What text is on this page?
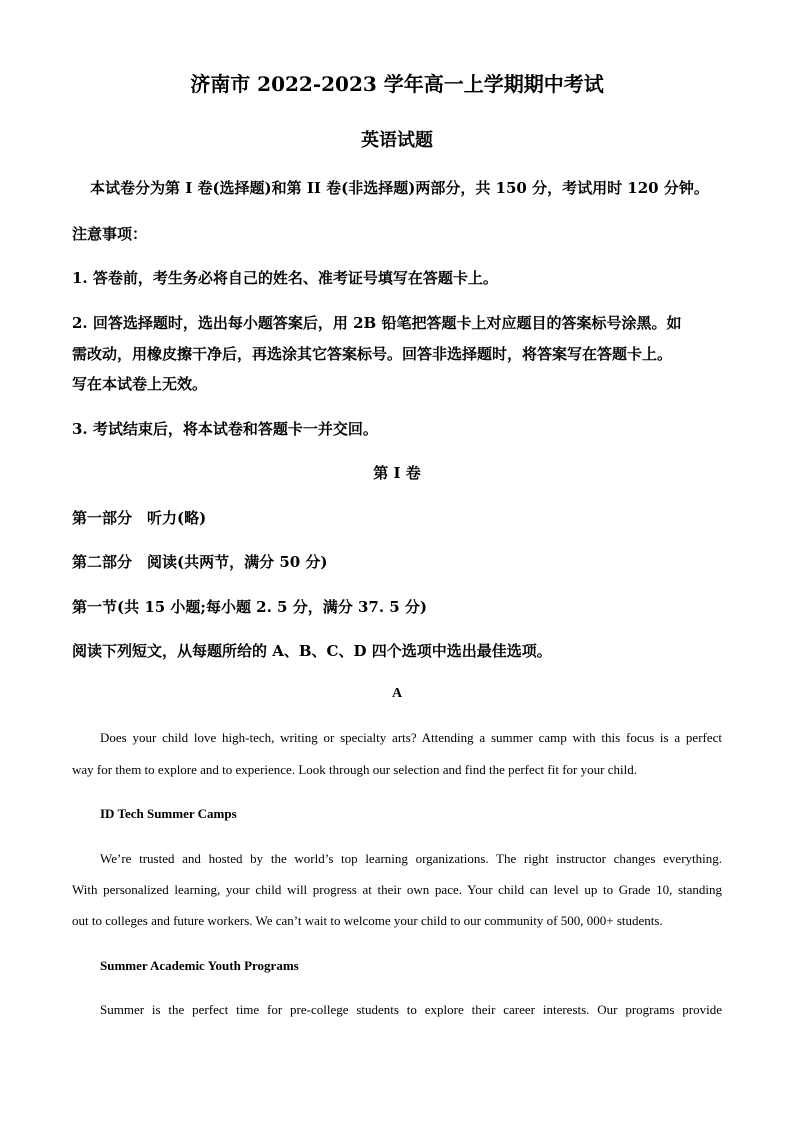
济南市 2022-2023 学年高一上学期期中考试
英语试题
本试卷分为第 I 卷(选择题)和第 II 卷(非选择题)两部分，共 150 分，考试用时 120 分钟。
注意事项：
1. 答卷前，考生务必将自己的姓名、准考证号填写在答题卡上。
2. 回答选择题时，选出每小题答案后，用 2B 铅笔把答题卡上对应题目的答案标号涂黑。如
需改动，用橡皮擦干净后，再选涂其它答案标号。回答非选择题时，将答案写在答题卡上。
写在本试卷上无效。
3. 考试结束后，将本试卷和答题卡一并交回。
第 I 卷
第一部分　听力(略)
第二部分　阅读(共两节，满分 50 分)
第一节(共 15 小题;每小题 2. 5 分，满分 37. 5 分)
阅读下列短文，从每题所给的 A、B、C、D 四个选项中选出最佳选项。
A
Does your child love high-tech, writing or specialty arts? Attending a summer camp with this focus is a perfect
way for them to explore and to experience. Look through our selection and find the perfect fit for your child.
ID Tech Summer Camps
We’re trusted and hosted by the world’s top learning organizations. The right instructor changes everything.
With personalized learning, your child will progress at their own pace. Your child can level up to Grade 10, standing
out to colleges and future workers. We can’t wait to welcome your child to our community of 500, 000+ students.
Summer Academic Youth Programs
Summer is the perfect time for pre-college students to explore their career interests. Our programs provide
